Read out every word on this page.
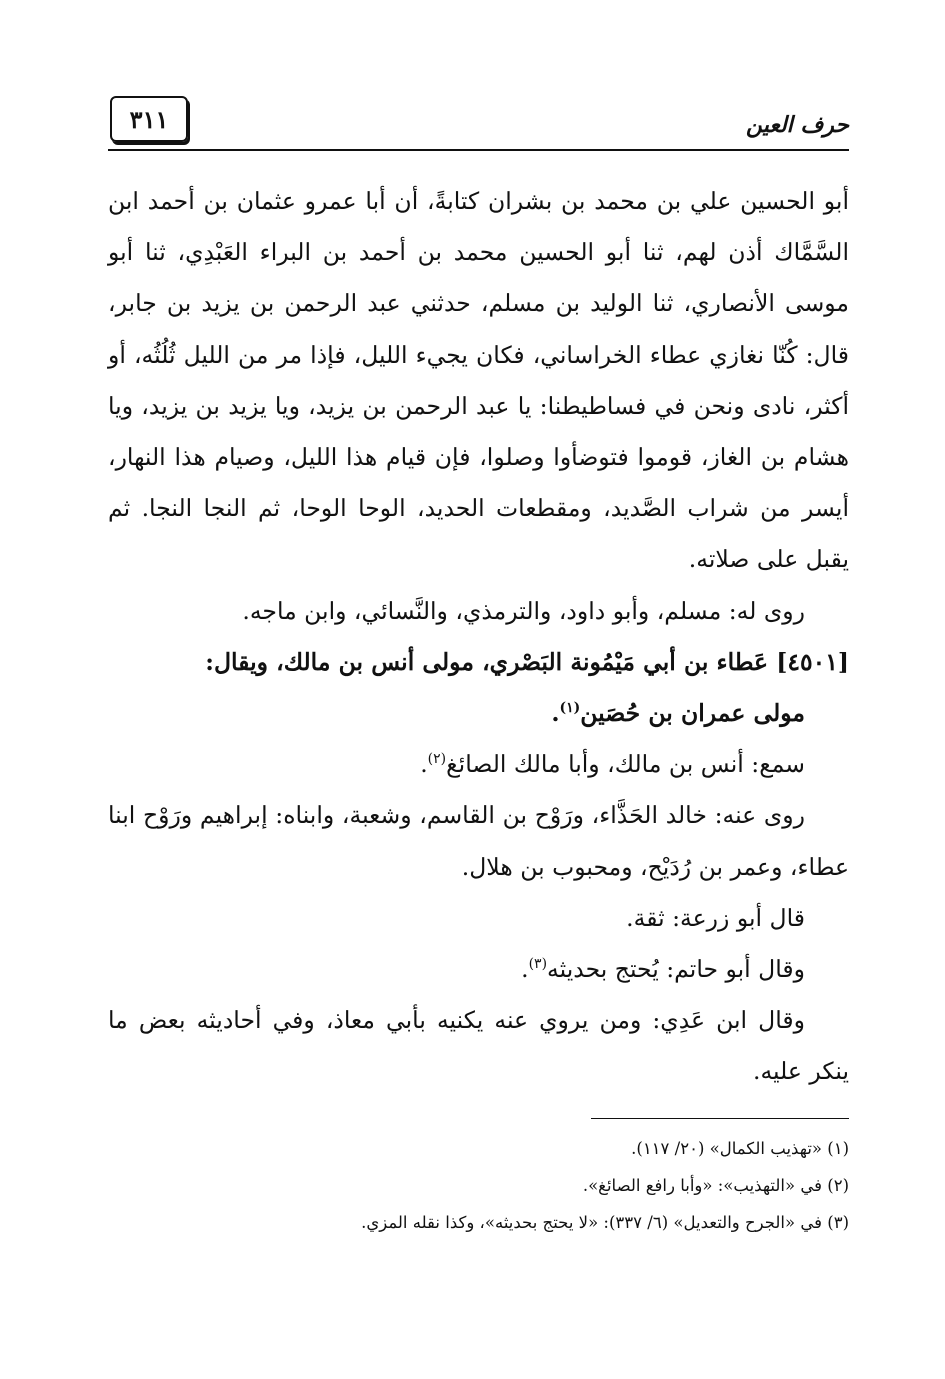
٣١١	حرف العين

أبو الحسين علي بن محمد بن بشران كتابةً، أن أبا عمرو عثمان بن أحمد ابن السَّمَّاك أذن لهم، ثنا أبو الحسين محمد بن أحمد بن البراء العَبْدِي، ثنا أبو موسى الأنصاري، ثنا الوليد بن مسلم، حدثني عبد الرحمن بن يزيد بن جابر، قال: كُنّا نغازي عطاء الخراساني، فكان يجيء الليل، فإذا مر من الليل ثُلُثُه، أو أكثر، نادى ونحن في فساطيطنا: يا عبد الرحمن بن يزيد، ويا يزيد بن يزيد، ويا هشام بن الغاز، قوموا فتوضأوا وصلوا، فإن قيام هذا الليل، وصيام هذا النهار، أيسر من شراب الصَّديد، ومقطعات الحديد، الوحا الوحا، ثم النجا النجا. ثم يقبل على صلاته.

روى له: مسلم، وأبو داود، والترمذي، والنَّسائي، وابن ماجه.

[٤٥٠١] عَطاء بن أبي مَيْمُونة البَصْري، مولى أنس بن مالك، ويقال:
مولى عمران بن حُصَين$^{(١)}$.

سمع: أنس بن مالك، وأبا مالك الصائغ$^{(٢)}$.

روى عنه: خالد الحَذَّاء، ورَوْح بن القاسم، وشعبة، وابناه: إبراهيم ورَوْح ابنا عطاء، وعمر بن رُدَيْح، ومحبوب بن هلال.

قال أبو زرعة: ثقة.

وقال أبو حاتم: يُحتج بحديثه$^{(٣)}$.

وقال ابن عَدِي: ومن يروي عنه يكنيه بأبي معاذ، وفي أحاديثه بعض ما ينكر عليه.

(١) «تهذيب الكمال» (٢٠/ ١١٧).

(٢) في «التهذيب»: «وأبا رافع الصائغ».

(٣) في «الجرح والتعديل» (٦/ ٣٣٧): «لا يحتج بحديثه»، وكذا نقله المزي.
